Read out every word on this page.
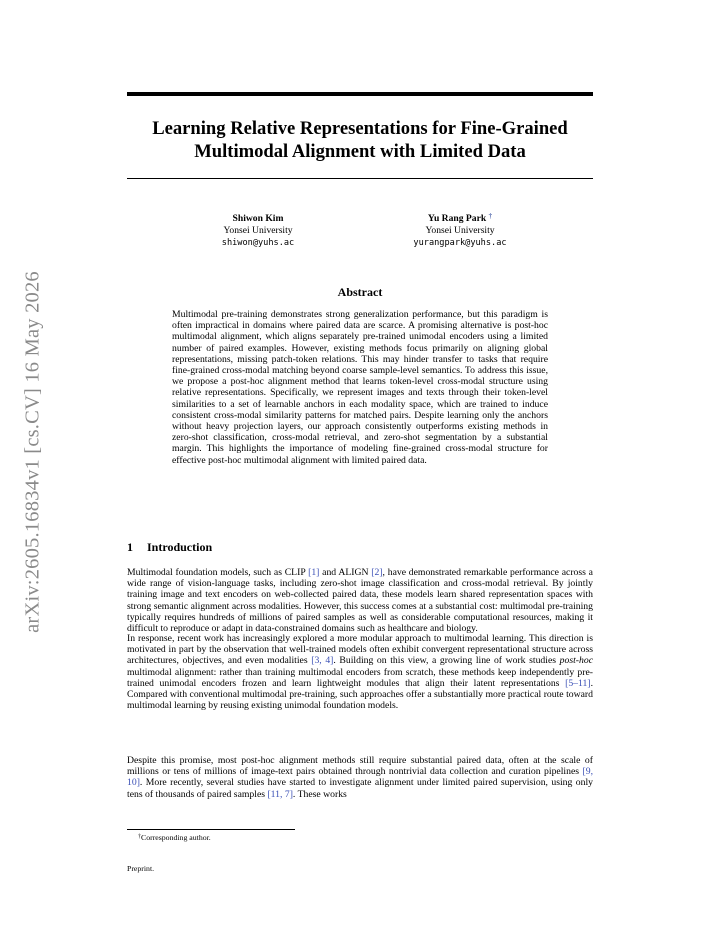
arXiv:2605.16834v1 [cs.CV] 16 May 2026
Learning Relative Representations for Fine-Grained Multimodal Alignment with Limited Data
Shiwon Kim
Yonsei University
shiwon@yuhs.ac
Yu Rang Park †
Yonsei University
yurangpark@yuhs.ac
Abstract

Multimodal pre-training demonstrates strong generalization performance, but this paradigm is often impractical in domains where paired data are scarce. A promising alternative is post-hoc multimodal alignment, which aligns separately pre-trained unimodal encoders using a limited number of paired examples. However, existing methods focus primarily on aligning global representations, missing patch-token relations. This may hinder transfer to tasks that require fine-grained cross-modal matching beyond coarse sample-level semantics. To address this issue, we propose a post-hoc alignment method that learns token-level cross-modal structure using relative representations. Specifically, we represent images and texts through their token-level similarities to a set of learnable anchors in each modality space, which are trained to induce consistent cross-modal similarity patterns for matched pairs. Despite learning only the anchors without heavy projection layers, our approach consistently outperforms existing methods in zero-shot classification, cross-modal retrieval, and zero-shot segmentation by a substantial margin. This highlights the importance of modeling fine-grained cross-modal structure for effective post-hoc multimodal alignment with limited paired data.

1 Introduction

Multimodal foundation models, such as CLIP [1] and ALIGN [2], have demonstrated remarkable performance across a wide range of vision-language tasks, including zero-shot image classification and cross-modal retrieval. By jointly training image and text encoders on web-collected paired data, these models learn shared representation spaces with strong semantic alignment across modalities. However, this success comes at a substantial cost: multimodal pre-training typically requires hundreds of millions of paired samples as well as considerable computational resources, making it difficult to reproduce or adapt in data-constrained domains such as healthcare and biology.

In response, recent work has increasingly explored a more modular approach to multimodal learning. This direction is motivated in part by the observation that well-trained models often exhibit convergent representational structure across architectures, objectives, and even modalities [3, 4]. Building on this view, a growing line of work studies post-hoc multimodal alignment: rather than training multimodal encoders from scratch, these methods keep independently pre-trained unimodal encoders frozen and learn lightweight modules that align their latent representations [5–11]. Compared with conventional multimodal pre-training, such approaches offer a substantially more practical route toward multimodal learning by reusing existing unimodal foundation models.

Despite this promise, most post-hoc alignment methods still require substantial paired data, often at the scale of millions or tens of millions of image-text pairs obtained through nontrivial data collection and curation pipelines [9, 10]. More recently, several studies have started to investigate alignment under limited paired supervision, using only tens of thousands of paired samples [11, 7]. These works

†Corresponding author.

Preprint.
